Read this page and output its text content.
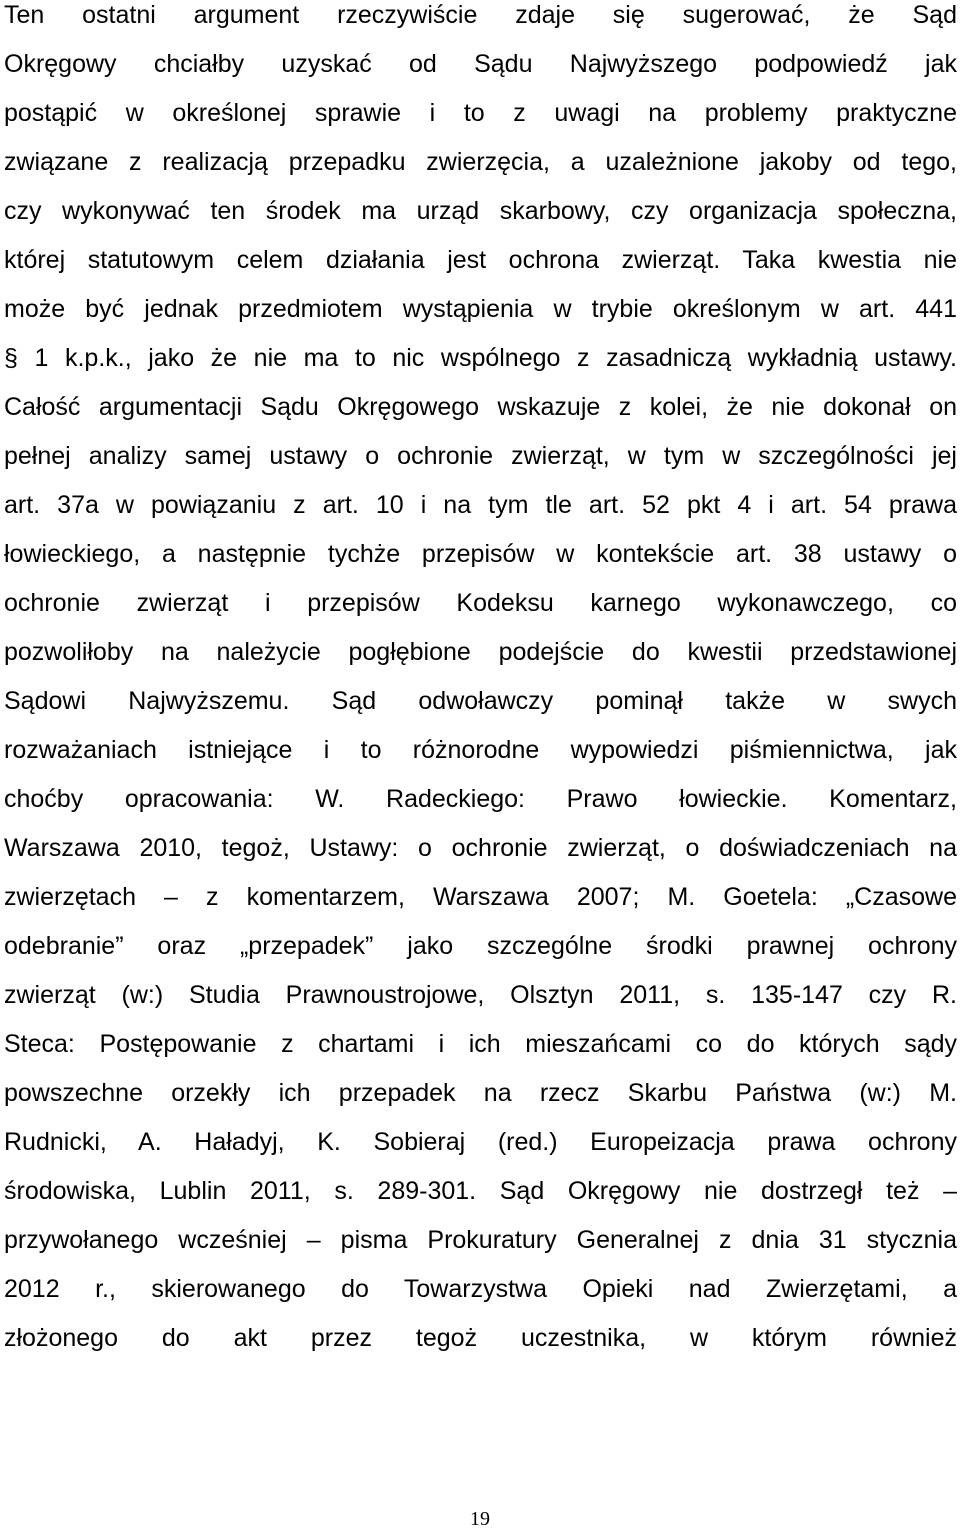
Ten ostatni argument rzeczywiście zdaje się sugerować, że Sąd
Okręgowy chciałby uzyskać od Sądu Najwyższego podpowiedź jak
postąpić w określonej sprawie i to z uwagi na problemy praktyczne
związane z realizacją przepadku zwierzęcia, a uzależnione jakoby od tego,
czy wykonywać ten środek ma urząd skarbowy, czy organizacja społeczna,
której statutowym celem działania jest ochrona zwierząt. Taka kwestia nie
może być jednak przedmiotem wystąpienia w trybie określonym w art. 441
§ 1 k.p.k., jako że nie ma to nic wspólnego z zasadniczą wykładnią ustawy.
Całość argumentacji Sądu Okręgowego wskazuje z kolei, że nie dokonał on
pełnej analizy samej ustawy o ochronie zwierząt, w tym w szczególności jej
art. 37a w powiązaniu z art. 10 i na tym tle art. 52 pkt 4 i art. 54 prawa
łowieckiego, a następnie tychże przepisów w kontekście art. 38 ustawy o
ochronie zwierząt i przepisów Kodeksu karnego wykonawczego, co
pozwoliłoby na należycie pogłębione podejście do kwestii przedstawionej
Sądowi Najwyższemu. Sąd odwoławczy pominął także w swych
rozważaniach istniejące i to różnorodne wypowiedzi piśmiennictwa, jak
choćby opracowania: W. Radeckiego: Prawo łowieckie. Komentarz,
Warszawa 2010, tegoż, Ustawy: o ochronie zwierząt, o doświadczeniach na
zwierzętach – z komentarzem, Warszawa 2007; M. Goetela: „Czasowe
odebranie” oraz „przepadek” jako szczególne środki prawnej ochrony
zwierząt (w:) Studia Prawnoustrojowe, Olsztyn 2011, s. 135-147 czy R.
Steca: Postępowanie z chartami i ich mieszańcami co do których sądy
powszechne orzekły ich przepadek na rzecz Skarbu Państwa (w:) M.
Rudnicki, A. Haładyj, K. Sobieraj (red.) Europeizacja prawa ochrony
środowiska, Lublin 2011, s. 289-301. Sąd Okręgowy nie dostrzegł też –
przywołanego wcześniej – pisma Prokuratury Generalnej z dnia 31 stycznia
2012 r., skierowanego do Towarzystwa Opieki nad Zwierzętami, a
złożonego do akt przez tegoż uczestnika, w którym również
19
